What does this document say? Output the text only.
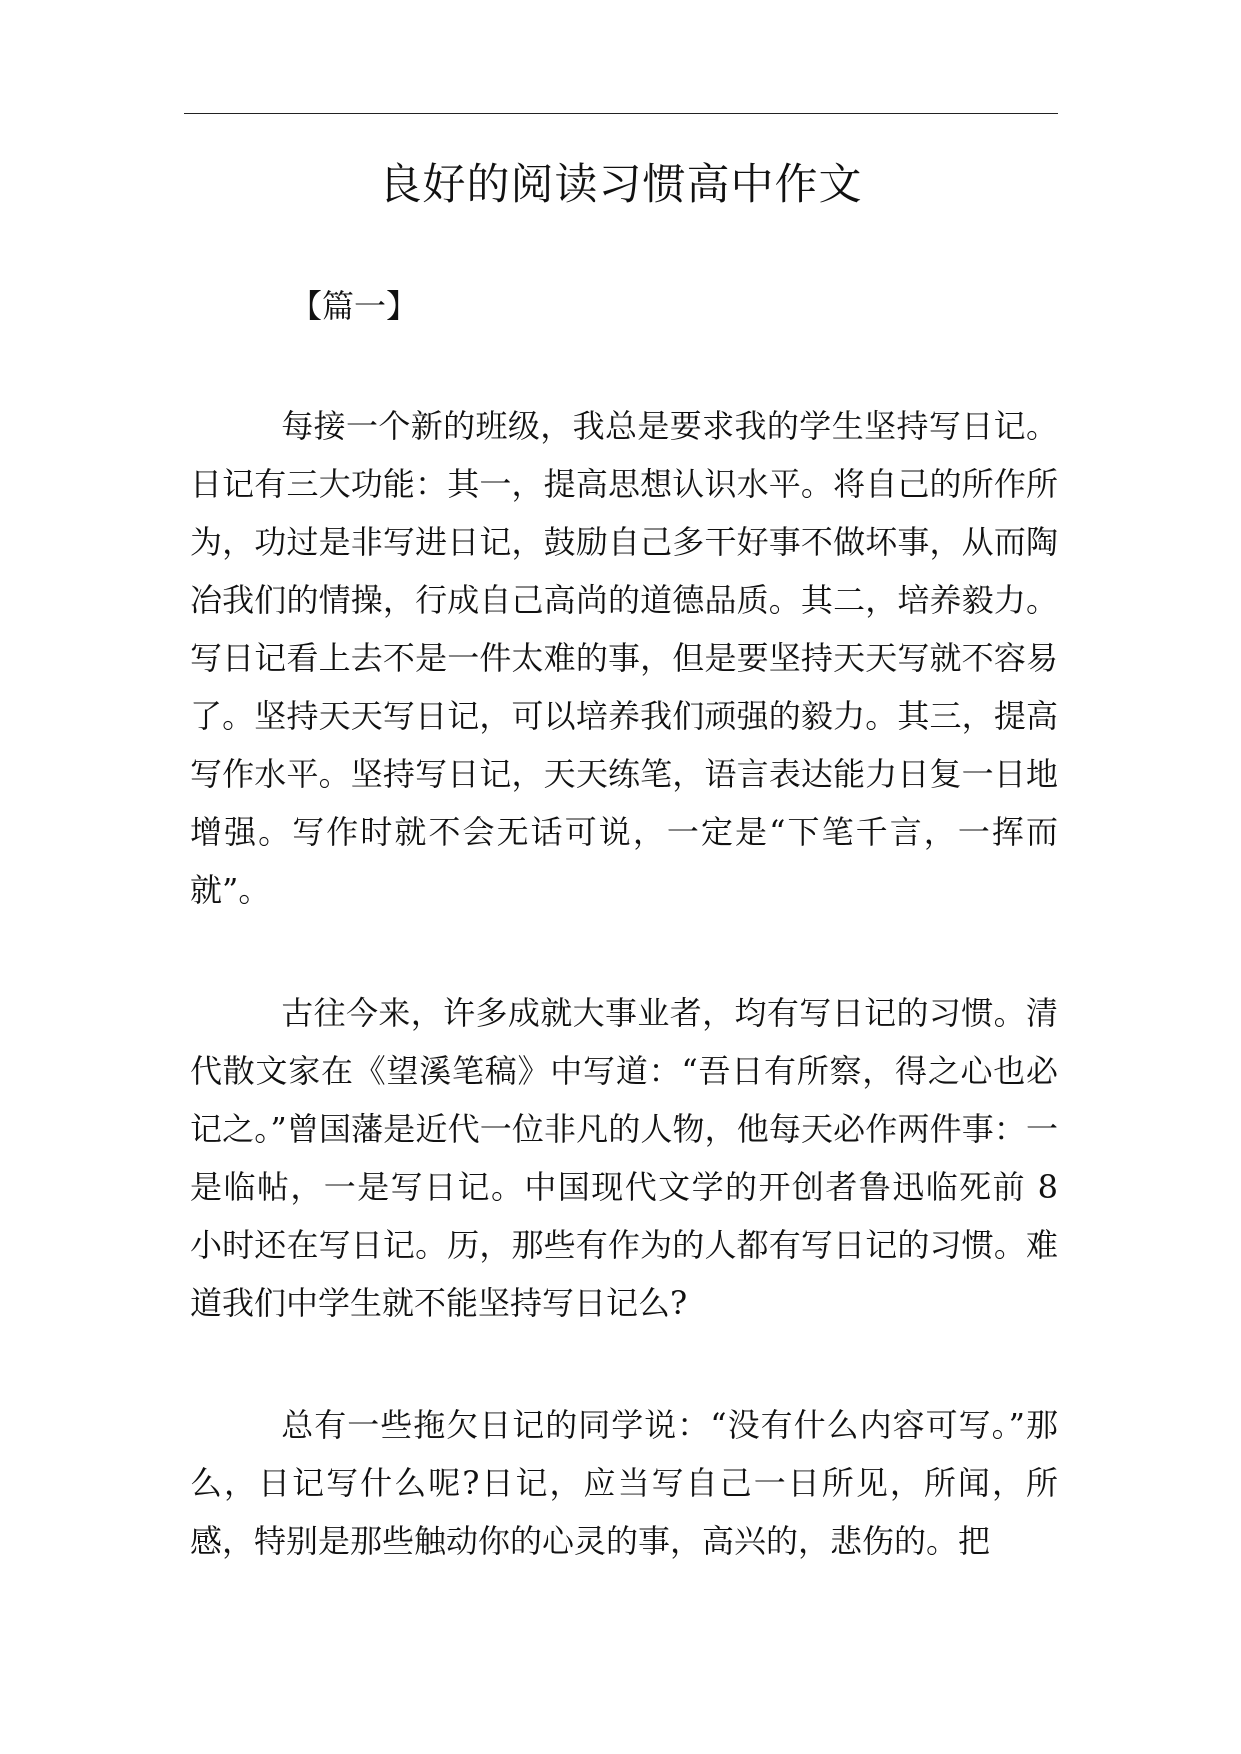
良好的阅读习惯高中作文
【篇一】

每接一个新的班级，我总是要求我的学生坚持写日记。日记有三大功能：其一，提高思想认识水平。将自己的所作所为，功过是非写进日记，鼓励自己多干好事不做坏事，从而陶冶我们的情操，行成自己高尚的道德品质。其二，培养毅力。写日记看上去不是一件太难的事，但是要坚持天天写就不容易了。坚持天天写日记，可以培养我们顽强的毅力。其三，提高写作水平。坚持写日记，天天练笔，语言表达能力日复一日地增强。写作时就不会无话可说，一定是“下笔千言，一挥而就”。

古往今来，许多成就大事业者，均有写日记的习惯。清代散文家在《望溪笔稿》中写道：“吾日有所察，得之心也必记之。”曾国藩是近代一位非凡的人物，他每天必作两件事：一是临帖，一是写日记。中国现代文学的开创者鲁迅临死前 8 小时还在写日记。历，那些有作为的人都有写日记的习惯。难道我们中学生就不能坚持写日记么?

总有一些拖欠日记的同学说：“没有什么内容可写。”那么，日记写什么呢?日记，应当写自己一日所见，所闻，所感，特别是那些触动你的心灵的事，高兴的，悲伤的。把
